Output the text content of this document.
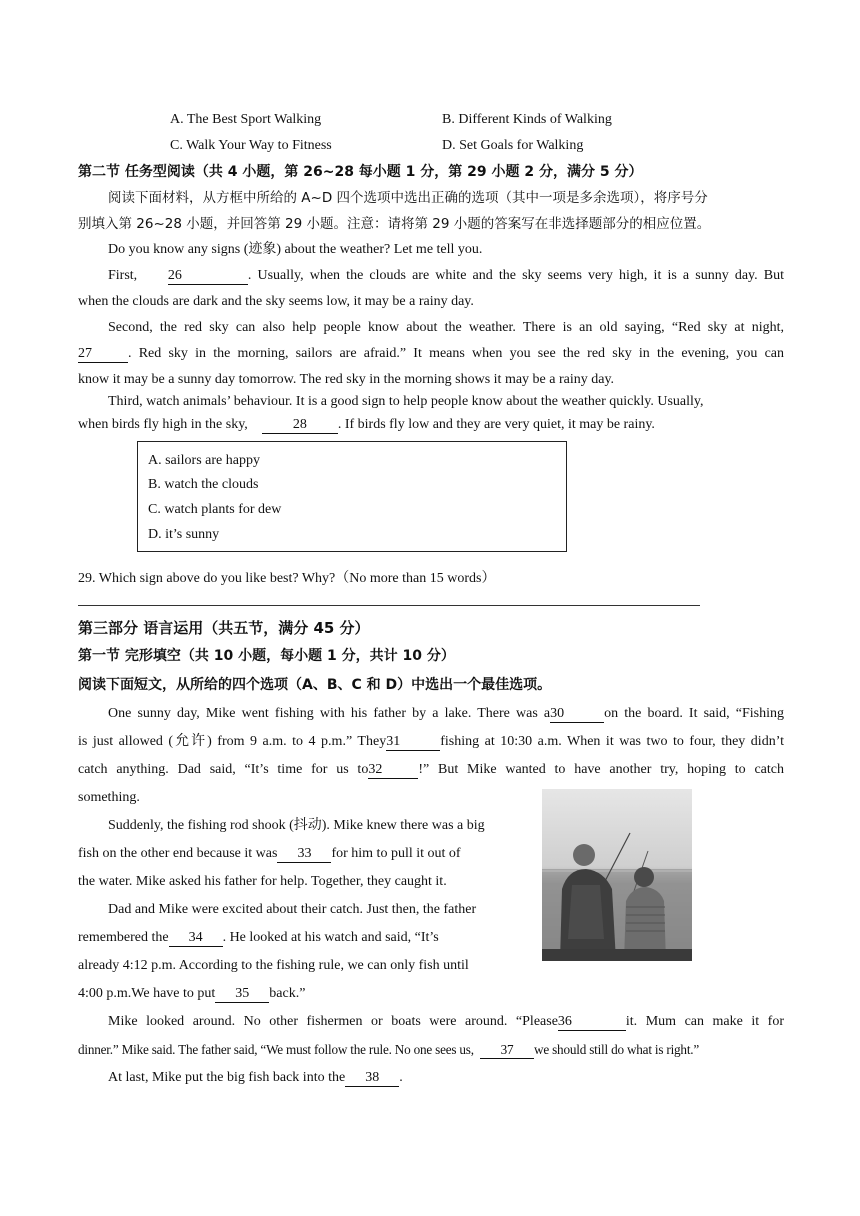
A. The Best Sport Walking	B. Different Kinds of Walking
C. Walk Your Way to Fitness	D. Set Goals for Walking
第二节 任务型阅读（共 4 小题，第 26~28 每小题 1 分，第 29 小题 2 分，满分 5 分）
阅读下面材料，从方框中所给的 A~D 四个选项中选出正确的选项（其中一项是多余选项），将序号分
别填入第 26~28 小题，并回答第 29 小题。注意：请将第 29 小题的答案写在非选择题部分的相应位置。
Do you know any signs (迹象) about the weather? Let me tell you.
First, 26	. Usually, when the clouds are white and the sky seems very high, it is a sunny day. But
when the clouds are dark and the sky seems low, it may be a rainy day.
Second, the red sky can also help people know about the weather. There is an old saying, “Red sky at night,
27	. Red sky in the morning, sailors are afraid.” It means when you see the red sky in the evening, you can
know it may be a sunny day tomorrow. The red sky in the morning shows it may be a rainy day.
Third, watch animals’ behaviour. It is a good sign to help people know about the weather quickly. Usually,
when birds fly high in the sky,	28 . If birds fly low and they are very quiet, it may be rainy.
A. sailors are happy
B. watch the clouds
C. watch plants for dew
D. it’s sunny
29. Which sign above do you like best? Why?（No more than 15 words）
第三部分 语言运用（共五节，满分 45 分）
第一节 完形填空（共 10 小题，每小题 1 分，共计 10 分）
阅读下面短文，从所给的四个选项（A、B、C 和 D）中选出一个最佳选项。
One sunny day, Mike went fishing with his father by a lake. There was a30	on the board. It said, “Fishing
is just allowed (允许) from 9 a.m. to 4 p.m.” They31	fishing at 10:30 a.m. When it was two to four, they didn’t
catch anything. Dad said, “It’s time for us to32	!” But Mike wanted to have another try, hoping to catch
something.
Suddenly, the fishing rod shook (抖动). Mike knew there was a big
fish on the other end because it was 33 for him to pull it out of
the water. Mike asked his father for help. Together, they caught it.
Dad and Mike were excited about their catch. Just then, the father
remembered the 34 . He looked at his watch and said, “It’s
already 4:12 p.m. According to the fishing rule, we can only fish until
4:00 p.m.We have to put 35 back.”
Mike looked around. No other fishermen or boats were around. “Please36	it. Mum can make it for
dinner.” Mike said. The father said, “We must follow the rule. No one sees us, 37 we should still do what is right.”
At last, Mike put the big fish back into the 38 .
